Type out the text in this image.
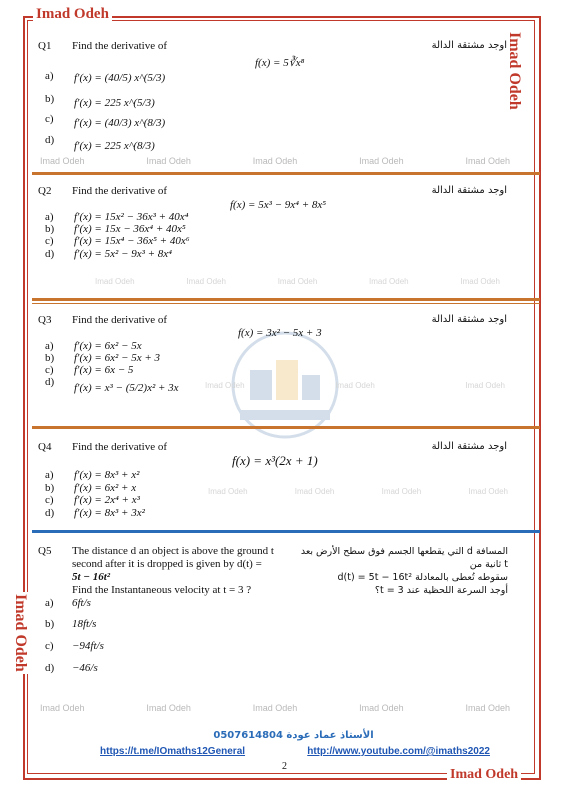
Imad Odeh
Imad Odeh
Imad Odeh
Imad Odeh
Q1 Find the derivative of	اوجد مشتقة الدالة
f(x) = 5∛x⁸
a) f′(x) = (40/5) x^(5/3)
b) f′(x) = 225 x^(5/3)
c) f′(x) = (40/3) x^(8/3)
d) f′(x) = 225 x^(8/3)
Imad Odeh	Imad Odeh	Imad Odeh	Imad Odeh	Imad Odeh
Q2 Find the derivative of	اوجد مشتقة الدالة
f(x) = 5x³ − 9x⁴ + 8x⁵
a) f′(x) = 15x² − 36x³ + 40x⁴
b) f′(x) = 15x − 36x⁴ + 40x⁵
c) f′(x) = 15x⁴ − 36x⁵ + 40x⁶
d) f′(x) = 5x² − 9x³ + 8x⁴
Imad Odeh	Imad Odeh	Imad Odeh	Imad Odeh	Imad Odeh
Q3 Find the derivative of	اوجد مشتقة الدالة
f(x) = 3x² − 5x + 3
a) f′(x) = 6x² − 5x
b) f′(x) = 6x² − 5x + 3
c) f′(x) = 6x − 5
d) f′(x) = x³ − (5/2)x² + 3x	Imad Odeh	Imad Odeh	Imad Odeh
Q4 Find the derivative of	اوجد مشتقة الدالة
f(x) = x³(2x + 1)
a) f′(x) = 8x³ + x²
b) f′(x) = 6x² + x
c) f′(x) = 2x⁴ + x³
d) f′(x) = 8x³ + 3x²
Imad Odeh	Imad Odeh	Imad Odeh	Imad Odeh
Q5 The distance d an object is above the ground t
second after it is dropped is given by d(t) =
5t − 16t²
Find the Instantaneous velocity at t = 3 ?
المسافة d التي يقطعها الجسم فوق سطح الأرض بعد t ثانية من
سقوطه تُعطى بالمعادلة d(t) = 5t − 16t²
أوجد السرعة اللحظية عند t = 3؟
a) 6ft/s
b) 18ft/s
c) −94ft/s
d) −46/s
Imad Odeh	Imad Odeh	Imad Odeh	Imad Odeh	Imad Odeh
الأستاذ عماد عودة 0507614804
https://t.me/IOmaths12General	http://www.youtube.com/@imaths2022
2
